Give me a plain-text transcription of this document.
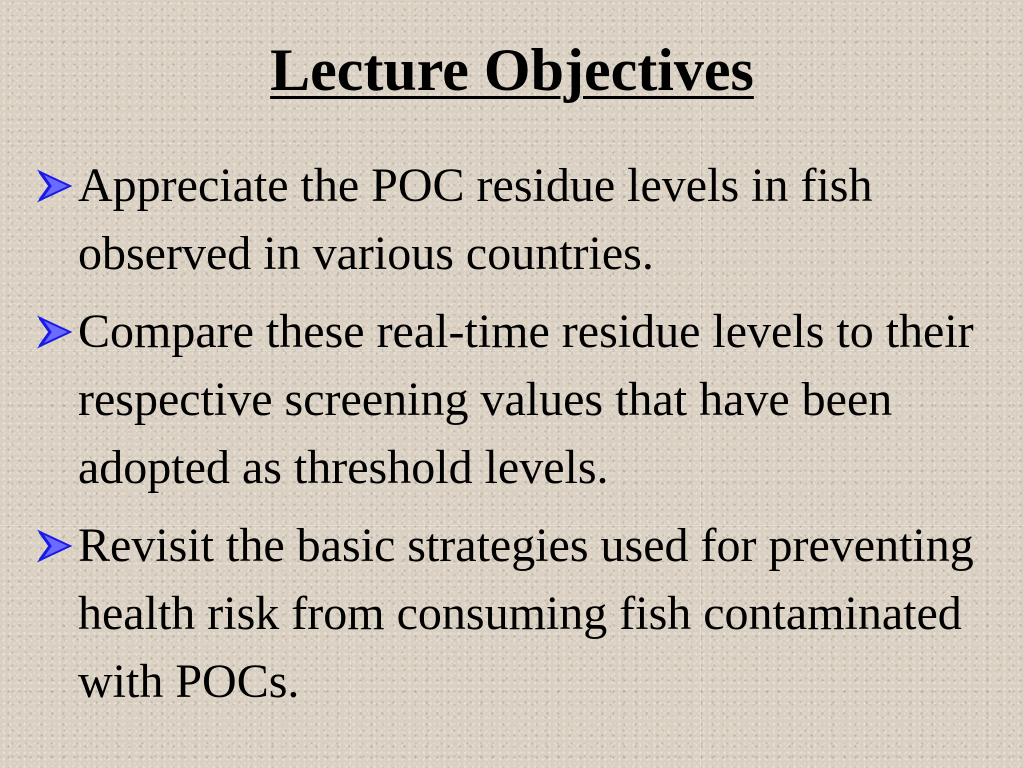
Lecture Objectives
Appreciate the POC residue levels in fish observed in various countries.
Compare these real-time residue levels to their respective screening values that have been adopted as threshold levels.
Revisit the basic strategies used for preventing health risk from consuming fish contaminated with POCs.
